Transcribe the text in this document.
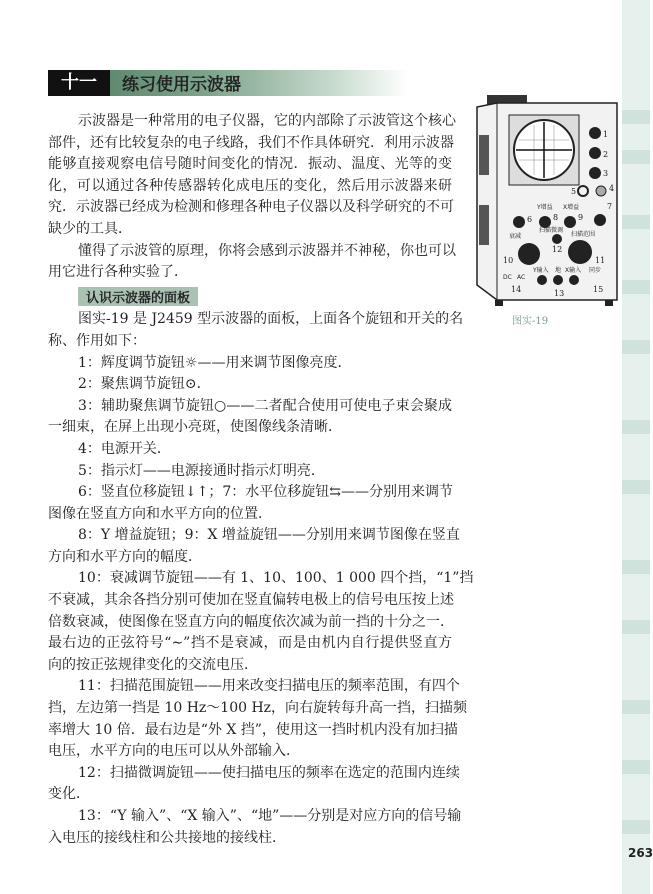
十一	练习使用示波器
示波器是一种常用的电子仪器，它的内部除了示波管这个核心
部件，还有比较复杂的电子线路，我们不作具体研究．利用示波器
能够直接观察电信号随时间变化的情况．振动、温度、光等的变
化，可以通过各种传感器转化成电压的变化，然后用示波器来研
究．示波器已经成为检测和修理各种电子仪器以及科学研究的不可
缺少的工具．
懂得了示波管的原理，你将会感到示波器并不神秘，你也可以
用它进行各种实验了．
认识示波器的面板
图实-19 是 J2459 型示波器的面板，上面各个旋钮和开关的名
称、作用如下：
1：辉度调节旋钮☼——用来调节图像亮度．
2：聚焦调节旋钮⊙．
3：辅助聚焦调节旋钮○——二者配合使用可使电子束会聚成
一细束，在屏上出现小亮斑，使图像线条清晰．
4：电源开关．
5：指示灯——电源接通时指示灯明亮．
6：竖直位移旋钮↓↑；7：水平位移旋钮⇆——分别用来调节
图像在竖直方向和水平方向的位置．
8：Y 增益旋钮；9：X 增益旋钮——分别用来调节图像在竖直
方向和水平方向的幅度．
10：衰减调节旋钮——有 1、10、100、1 000 四个挡，“1”挡
不衰减，其余各挡分别可使加在竖直偏转电极上的信号电压按上述
倍数衰减，使图像在竖直方向的幅度依次减为前一挡的十分之一．
最右边的正弦符号“∼”挡不是衰减，而是由机内自行提供竖直方
向的按正弦规律变化的交流电压．
11：扫描范围旋钮——用来改变扫描电压的频率范围，有四个
挡，左边第一挡是 10 Hz～100 Hz，向右旋转每升高一挡，扫描频
率增大 10 倍．最右边是“外 X 挡”，使用这一挡时机内没有加扫描
电压，水平方向的电压可以从外部输入．
12：扫描微调旋钮——使扫描电压的频率在选定的范围内连续
变化．
13：“Y 输入”、“X 输入”、“地”——分别是对应方向的信号输
入电压的接线柱和公共接地的接线柱．
Y增益 X增益
衰减
扫描微调
扫描范围
Y输入 地 X输入 同步
DC AC
1
2
3
4
5
6
7
8 9
10	11
12
13
14	15
图实-19
263
